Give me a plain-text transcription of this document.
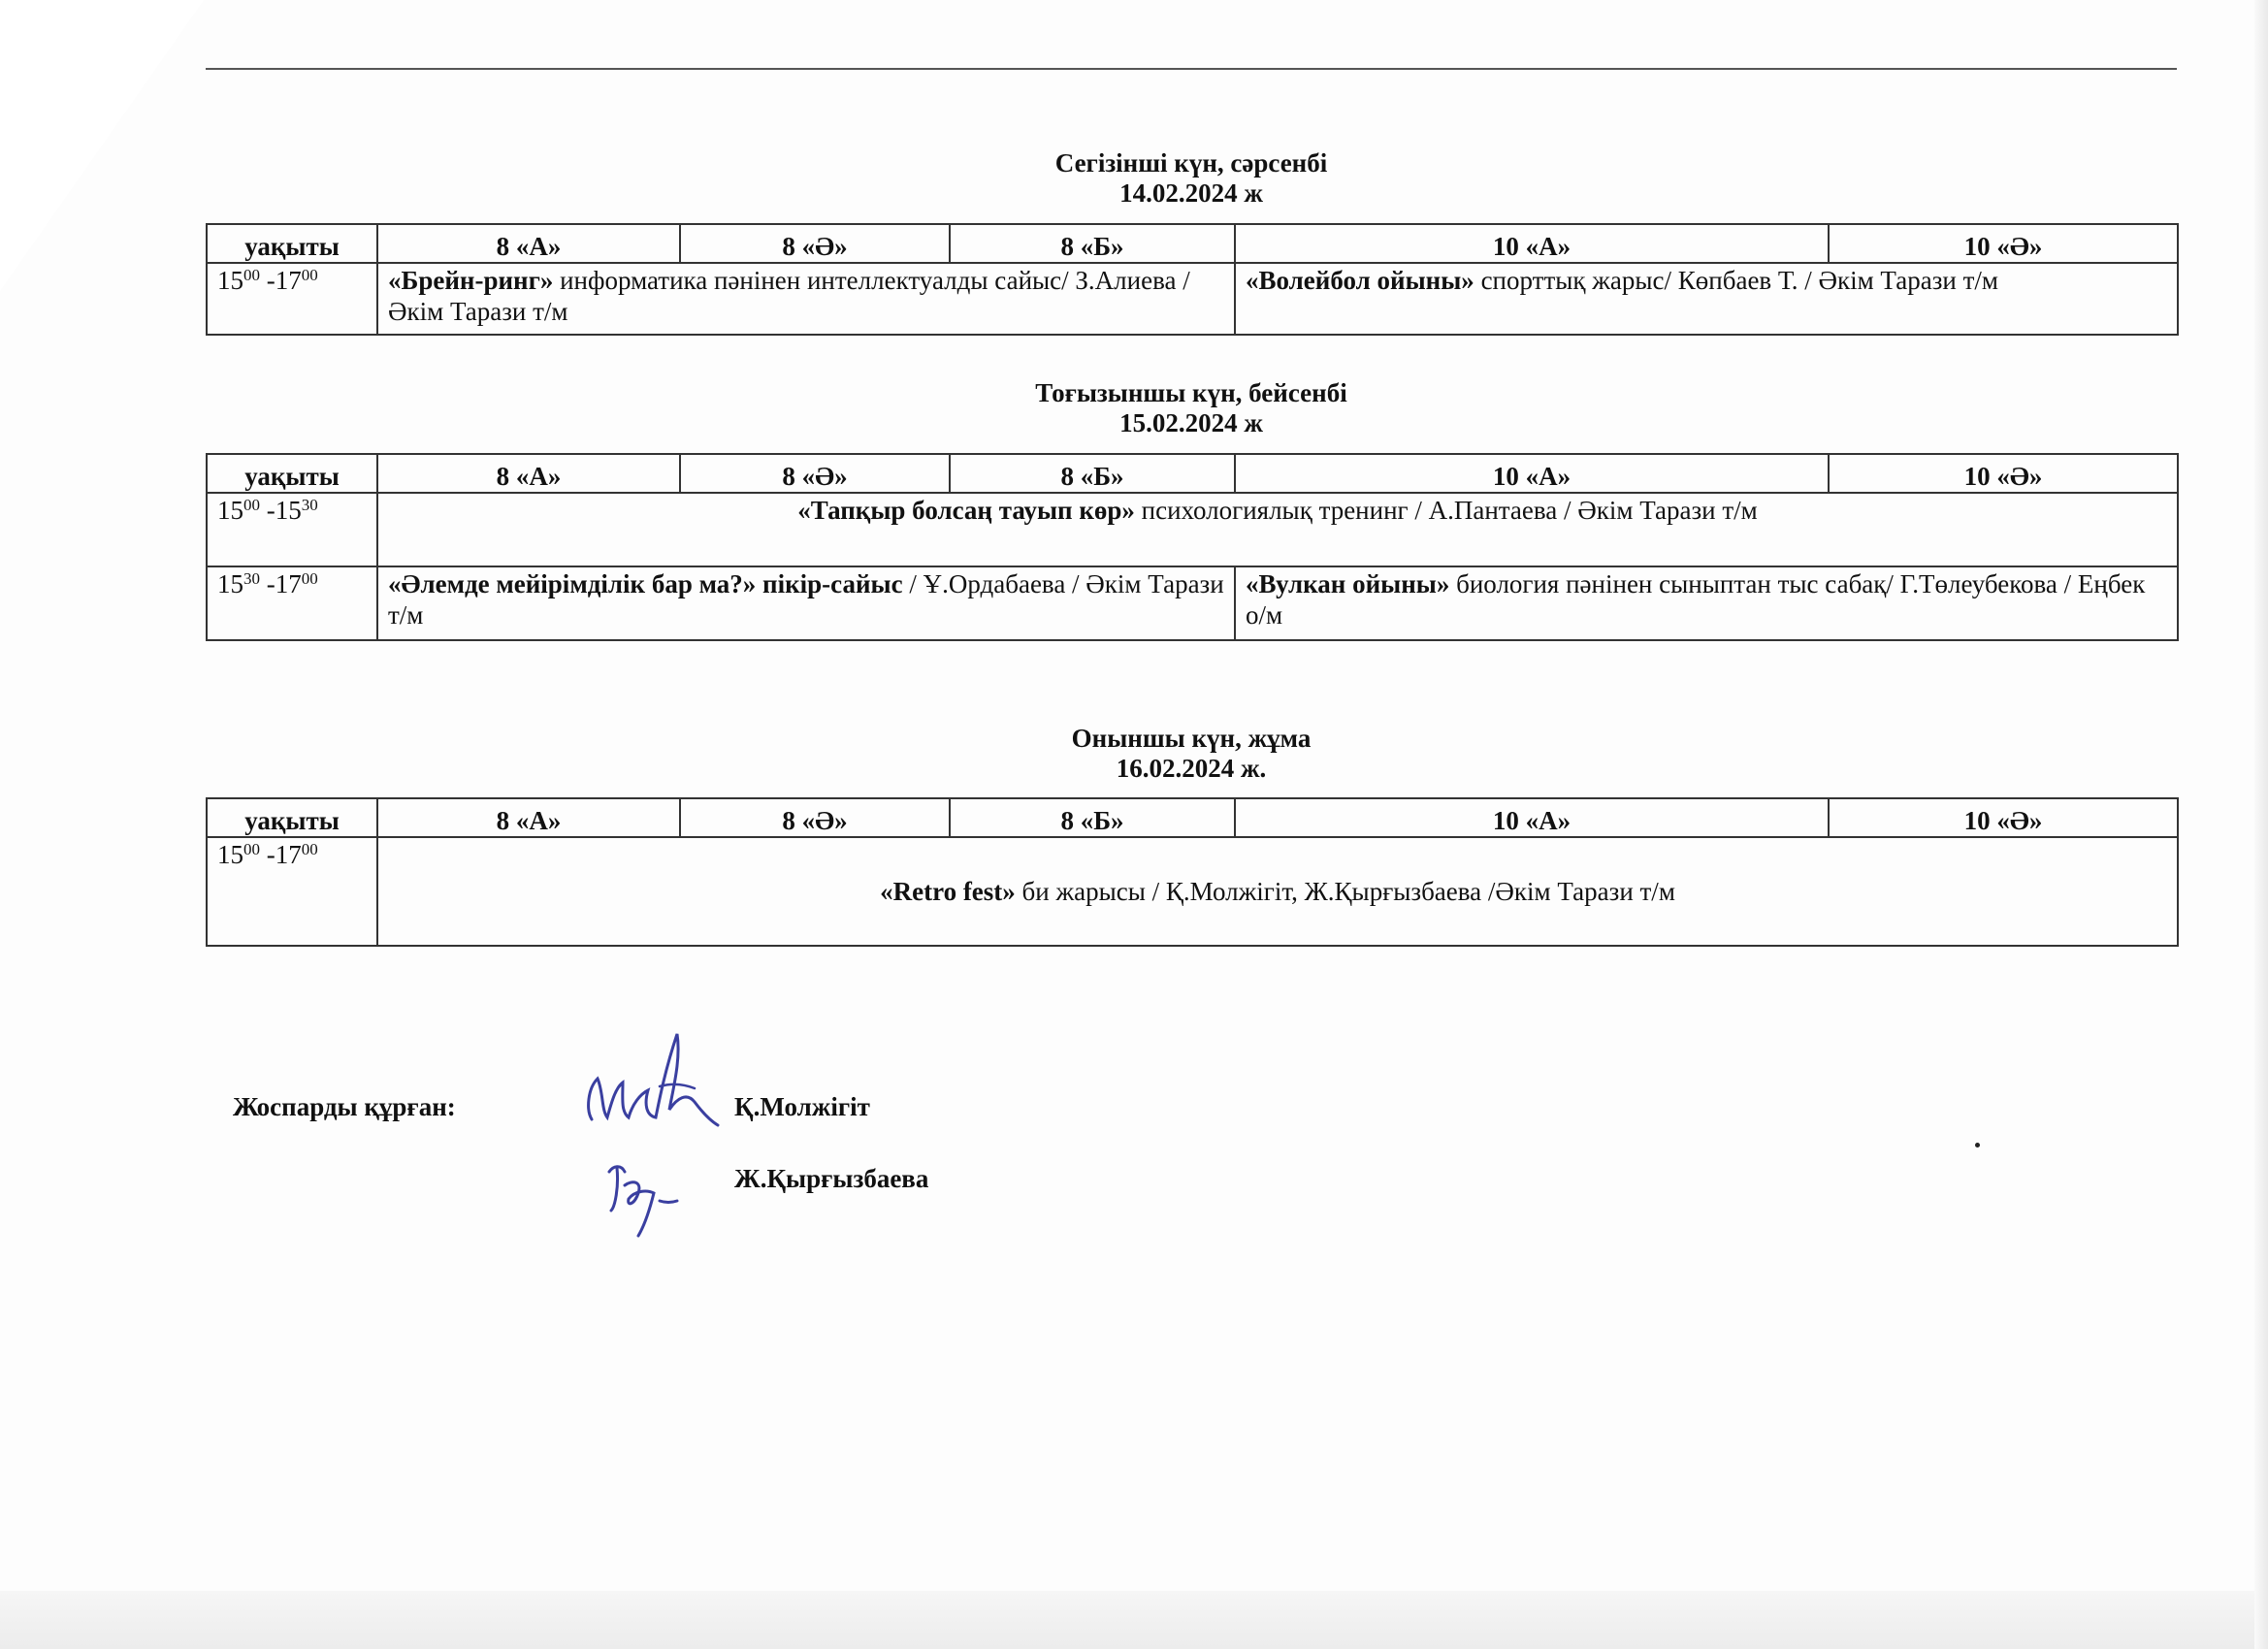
Сегізінші күн, сәрсенбі
14.02.2024 ж
уақыты	8 «А»	8 «Ә»	8 «Б»	10 «А»	10 «Ә»
$15^{00}$ $-17^{00}$	«Брейн-ринг» информатика пәнінен интеллектуалды сайыс/ З.Алиева / Әкім Тарази т/м			«Волейбол ойыны» спорттық жарыс/ Көпбаев Т. / Әкім Тарази т/м	
Тоғызыншы күн, бейсенбі
15.02.2024 ж
уақыты	8 «А»	8 «Ә»	8 «Б»	10 «А»	10 «Ә»
$15^{00}$ $-15^{30}$	«Тапқыр болсаң тауып көр» психологиялық тренинг / А.Пантаева / Әкім Тарази т/м				
$15^{30}$ $-17^{00}$	«Әлемде мейірімділік бар ма?» пікір-сайыс / Ұ.Ордабаева / Әкім Тарази т/м			«Вулкан ойыны» биология пәнінен сыныптан тыс сабақ/ Г.Төлеубекова / Еңбек о/м	
Оныншы күн, жұма
16.02.2024 ж.
уақыты	8 «А»	8 «Ә»	8 «Б»	10 «А»	10 «Ә»
$15^{00}$ $-17^{00}$	«Retro fest» би жарысы / Қ.Молжігіт, Ж.Қырғызбаева /Әкім Тарази т/м				
Жоспарды құрған:	Қ.Молжігіт
Ж.Қырғызбаева
